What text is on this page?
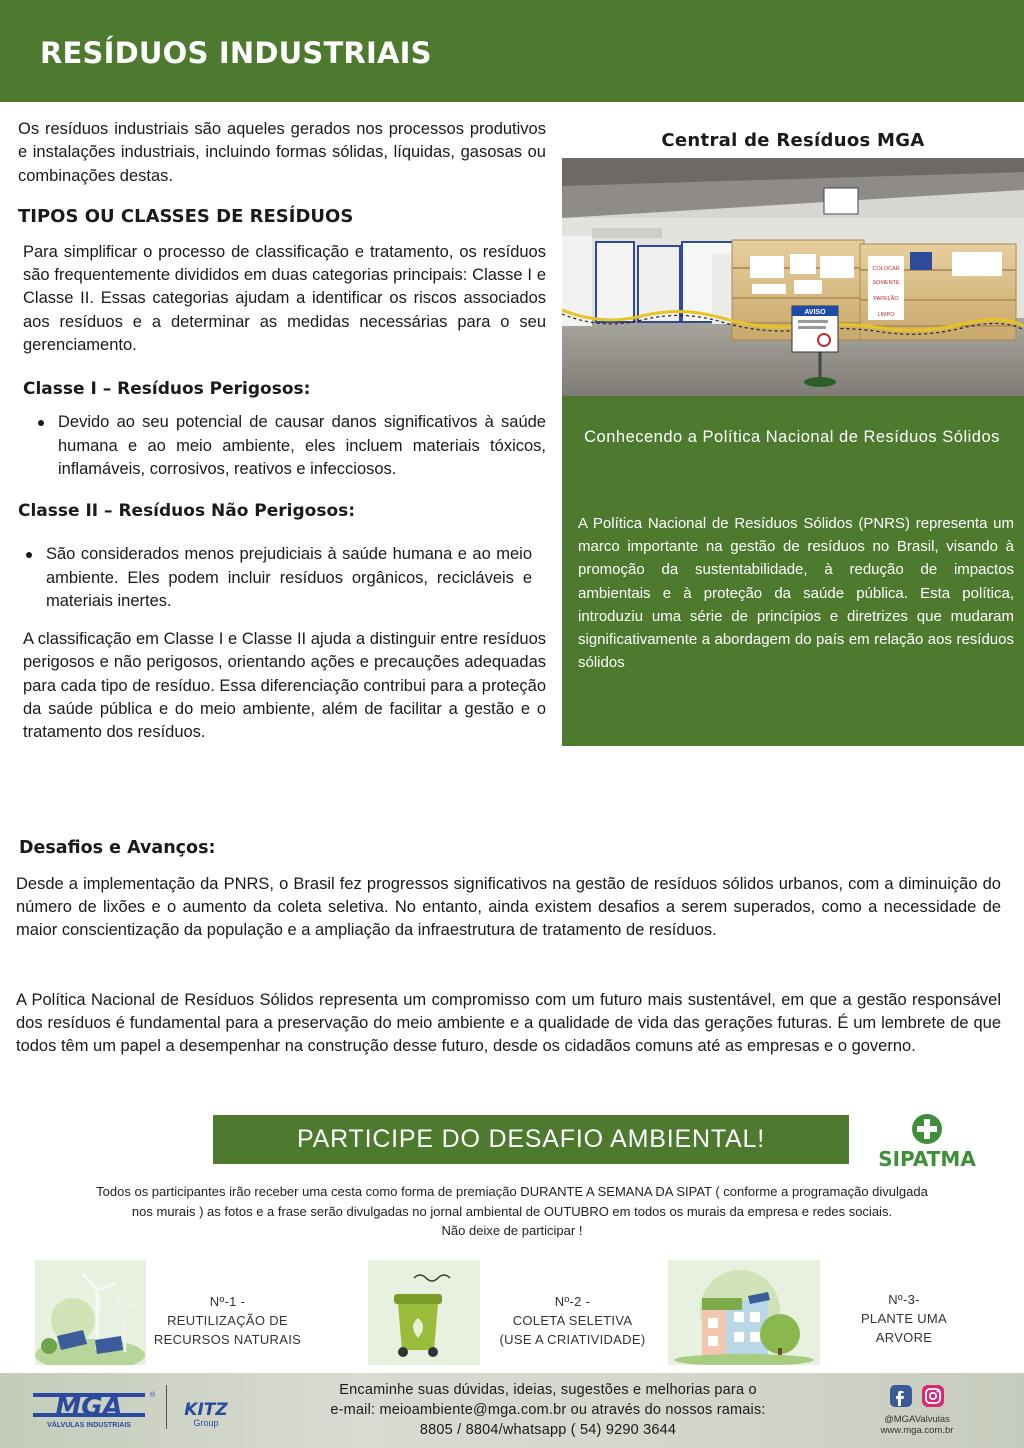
RESÍDUOS INDUSTRIAIS

Os resíduos industriais são aqueles gerados nos processos produtivos e instalações industriais, incluindo formas sólidas, líquidas, gasosas ou combinações destas.

TIPOS OU CLASSES DE RESÍDUOS

Para simplificar o processo de classificação e tratamento, os resíduos são frequentemente divididos em duas categorias principais: Classe I e Classe II. Essas categorias ajudam a identificar os riscos associados aos resíduos e a determinar as medidas necessárias para o seu gerenciamento.

Classe I – Resíduos Perigosos:
Devido ao seu potencial de causar danos significativos à saúde humana e ao meio ambiente, eles incluem materiais tóxicos, inflamáveis, corrosivos, reativos e infecciosos.
Classe II – Resíduos Não Perigosos:
São considerados menos prejudiciais à saúde humana e ao meio ambiente. Eles podem incluir resíduos orgânicos, recicláveis e materiais inertes.

A classificação em Classe I e Classe II ajuda a distinguir entre resíduos perigosos e não perigosos, orientando ações e precauções adequadas para cada tipo de resíduo. Essa diferenciação contribui para a proteção da saúde pública e do meio ambiente, além de facilitar a gestão e o tratamento dos resíduos.

Central de Resíduos MGA
COLOCAR
SOMENTE
PAPELÃO
LIMPO
AVISO
Conhecendo a Política Nacional de Resíduos Sólidos
A Política Nacional de Resíduos Sólidos (PNRS) representa um marco importante na gestão de resíduos no Brasil, visando à promoção da sustentabilidade, à redução de impactos ambientais e à proteção da saúde pública. Esta política, introduziu uma série de princípios e diretrizes que mudaram significativamente a abordagem do país em relação aos resíduos sólidos
Desafios e Avanços:

Desde a implementação da PNRS, o Brasil fez progressos significativos na gestão de resíduos sólidos urbanos, com a diminuição do número de lixões e o aumento da coleta seletiva. No entanto, ainda existem desafios a serem superados, como a necessidade de maior conscientização da população e a ampliação da infraestrutura de tratamento de resíduos.

A Política Nacional de Resíduos Sólidos representa um compromisso com um futuro mais sustentável, em que a gestão responsável dos resíduos é fundamental para a preservação do meio ambiente e a qualidade de vida das gerações futuras. É um lembrete de que todos têm um papel a desempenhar na construção desse futuro, desde os cidadãos comuns até as empresas e o governo.

PARTICIPE DO DESAFIO AMBIENTAL!
SIPATMA
Todos os participantes irão receber uma cesta como forma de premiação DURANTE A SEMANA DA SIPAT ( conforme a programação divulgada
nos murais ) as fotos e a frase serão divulgadas no jornal ambiental de OUTUBRO em todos os murais da empresa e redes sociais.
Não deixe de participar !
Nº-1 -
REUTILIZAÇÃO DE
RECURSOS NATURAIS
Nº-2 -
COLETA SELETIVA
(USE A CRIATIVIDADE)
Nº-3-
PLANTE UMA
ARVORE
MGA
VÁLVULAS INDUSTRIAIS
®
KITZ
Group
Encaminhe suas dúvidas, ideias, sugestões e melhorias para o
e-mail: meioambiente@mga.com.br ou através do nossos ramais:
8805 / 8804/whatsapp ( 54) 9290 3644
@MGAValvulas
www.mga.com.br
